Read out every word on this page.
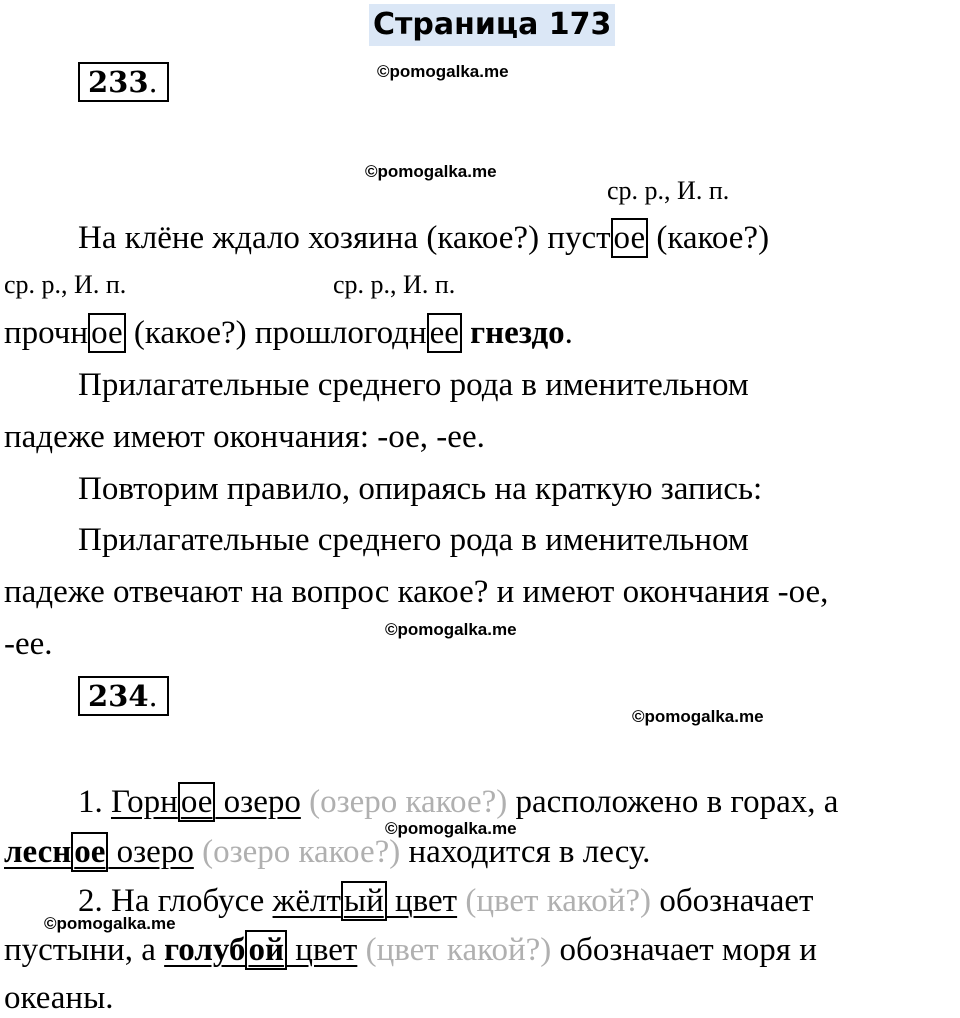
Страница 173
233.	©pomogalka.me
©pomogalka.me
ср. р., И. п.
На клёне ждало хозяина (какое?) пустое (какое?)
ср. р., И. п.	ср. р., И. п.
прочное (какое?) прошлогоднее гнездо.
Прилагательные среднего рода в именительном
падеже имеют окончания: -ое, -ее.
Повторим правило, опираясь на краткую запись:
Прилагательные среднего рода в именительном
падеже отвечают на вопрос какое? и имеют окончания -ое,
-ее.	©pomogalka.me
234.
©pomogalka.me
1. Горное озеро (озеро какое?) расположено в горах, а
©pomogalka.me
лесное озеро (озеро какое?) находится в лесу.
2. На глобусе жёлтый цвет (цвет какой?) обозначает
©pomogalka.me
пустыни, а голубой цвет (цвет какой?) обозначает моря и
океаны.
